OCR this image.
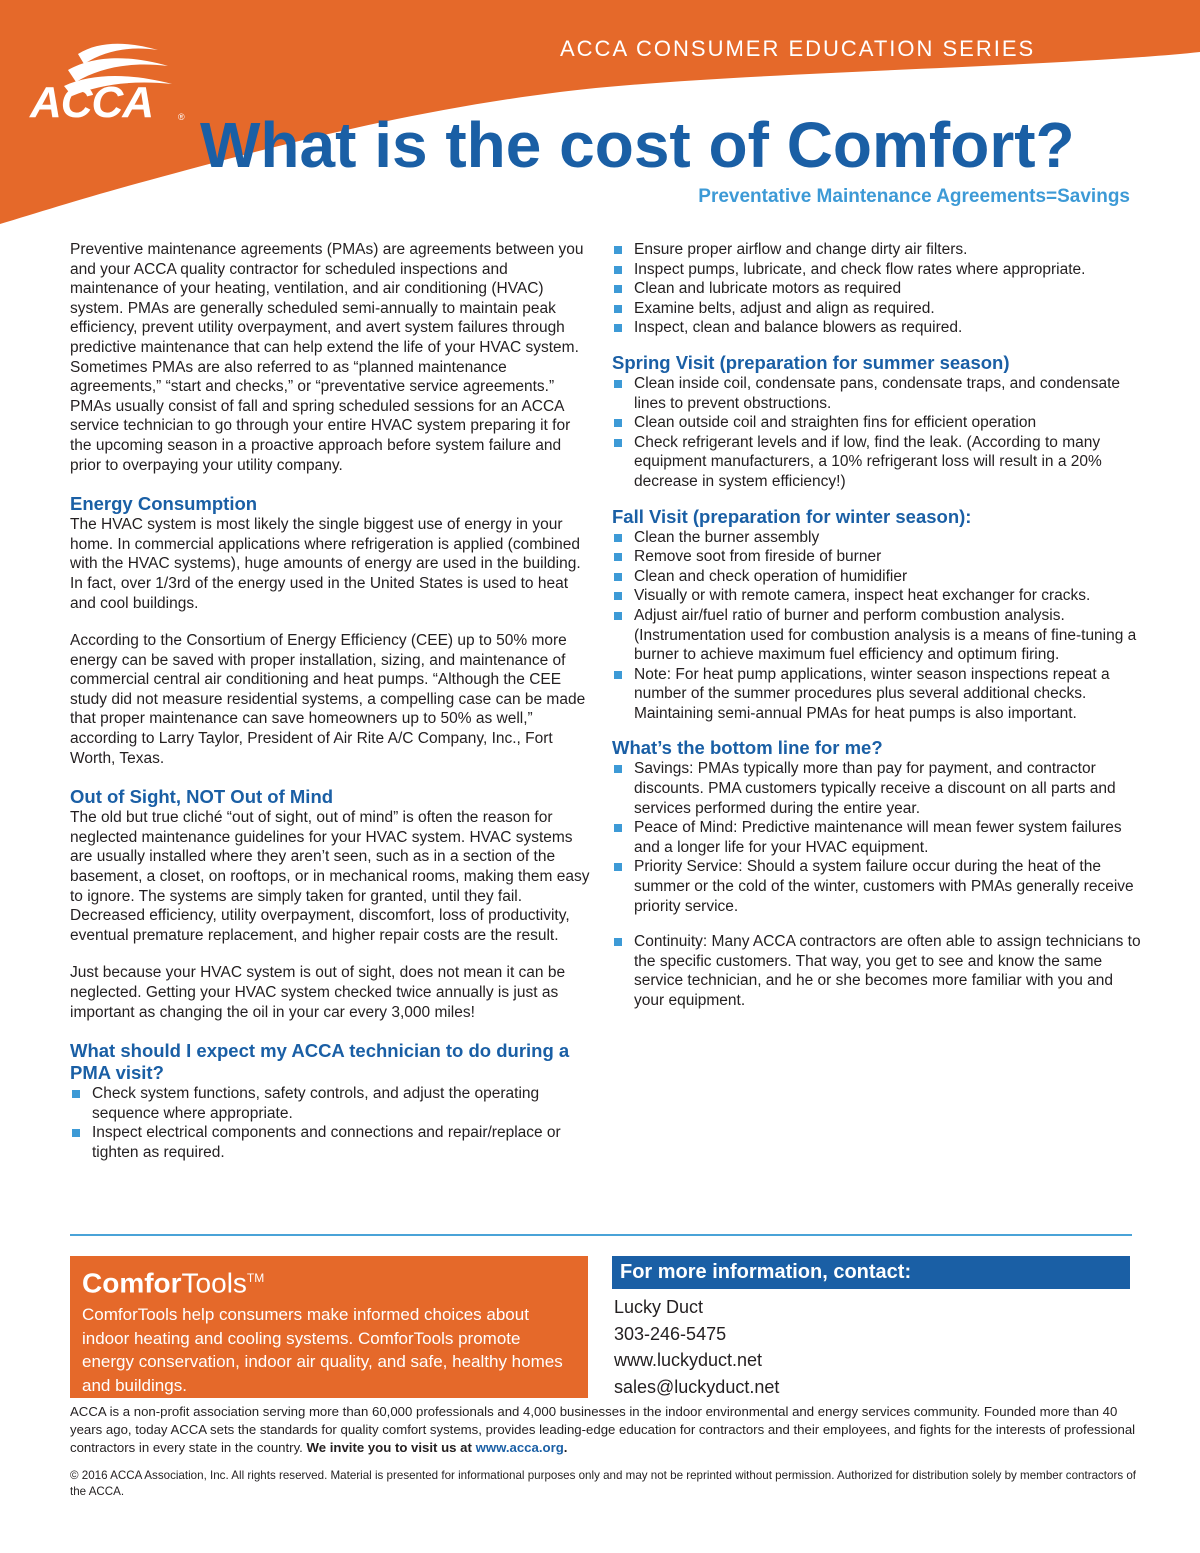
ACCA CONSUMER EDUCATION SERIES
ACCA	® What is the cost of Comfort?
Preventative Maintenance Agreements=Savings

Preventive maintenance agreements (PMAs) are agreements between you and your ACCA quality contractor for scheduled inspections and maintenance of your heating, ventilation, and air conditioning (HVAC) system. PMAs are generally scheduled semi-annually to maintain peak efficiency, prevent utility overpayment, and avert system failures through predictive maintenance that can help extend the life of your HVAC system. Sometimes PMAs are also referred to as “planned maintenance agreements,” “start and checks,” or “preventative service agreements.” PMAs usually consist of fall and spring scheduled sessions for an ACCA service technician to go through your entire HVAC system preparing it for the upcoming season in a proactive approach before system failure and prior to overpaying your utility company.

Energy Consumption

The HVAC system is most likely the single biggest use of energy in your home. In commercial applications where refrigeration is applied (combined with the HVAC systems), huge amounts of energy are used in the building. In fact, over 1/3rd of the energy used in the United States is used to heat and cool buildings.

According to the Consortium of Energy Efficiency (CEE) up to 50% more energy can be saved with proper installation, sizing, and maintenance of commercial central air conditioning and heat pumps. “Although the CEE study did not measure residential systems, a compelling case can be made that proper maintenance can save homeowners up to 50% as well,” according to Larry Taylor, President of Air Rite A/C Company, Inc., Fort Worth, Texas.

Out of Sight, NOT Out of Mind

The old but true cliché “out of sight, out of mind” is often the reason for neglected maintenance guidelines for your HVAC system. HVAC systems are usually installed where they aren’t seen, such as in a section of the basement, a closet, on rooftops, or in mechanical rooms, making them easy to ignore. The systems are simply taken for granted, until they fail. Decreased efficiency, utility overpayment, discomfort, loss of productivity, eventual premature replacement, and higher repair costs are the result.

Just because your HVAC system is out of sight, does not mean it can be neglected. Getting your HVAC system checked twice annually is just as important as changing the oil in your car every 3,000 miles!

What should I expect my ACCA technician to do during a PMA visit?
Check system functions, safety controls, and adjust the operating sequence where appropriate.
Inspect electrical components and connections and repair/replace or tighten as required.
Ensure proper airflow and change dirty air filters.
Inspect pumps, lubricate, and check flow rates where appropriate.
Clean and lubricate motors as required
Examine belts, adjust and align as required.
Inspect, clean and balance blowers as required.
Spring Visit (preparation for summer season)
Clean inside coil, condensate pans, condensate traps, and condensate lines to prevent obstructions.
Clean outside coil and straighten fins for efficient operation
Check refrigerant levels and if low, find the leak. (According to many equipment manufacturers, a 10% refrigerant loss will result in a 20% decrease in system efficiency!)
Fall Visit (preparation for winter season):
Clean the burner assembly
Remove soot from fireside of burner
Clean and check operation of humidifier
Visually or with remote camera, inspect heat exchanger for cracks.
Adjust air/fuel ratio of burner and perform combustion analysis. (Instrumentation used for combustion analysis is a means of fine-tuning a burner to achieve maximum fuel efficiency and optimum firing.
Note: For heat pump applications, winter season inspections repeat a number of the summer procedures plus several additional checks. Maintaining semi-annual PMAs for heat pumps is also important.
What’s the bottom line for me?
Savings: PMAs typically more than pay for payment, and contractor discounts. PMA customers typically receive a discount on all parts and services performed during the entire year.
Peace of Mind: Predictive maintenance will mean fewer system failures and a longer life for your HVAC equipment.
Priority Service: Should a system failure occur during the heat of the summer or the cold of the winter, customers with PMAs generally receive priority service.
Continuity: Many ACCA contractors are often able to assign technicians to the specific customers. That way, you get to see and know the same service technician, and he or she becomes more familiar with you and your equipment.
ComforTools™
ComforTools help consumers make informed choices about indoor heating and cooling systems. ComforTools promote energy conservation, indoor air quality, and safe, healthy homes and buildings.
For more information, contact:
Lucky Duct
303-246-5475
www.luckyduct.net
sales@luckyduct.net
ACCA is a non-profit association serving more than 60,000 professionals and 4,000 businesses in the indoor environmental and energy services community. Founded more than 40 years ago, today ACCA sets the standards for quality comfort systems, provides leading-edge education for contractors and their employees, and fights for the interests of professional contractors in every state in the country. We invite you to visit us at www.acca.org.
© 2016 ACCA Association, Inc. All rights reserved. Material is presented for informational purposes only and may not be reprinted without permission. Authorized for distribution solely by member contractors of the ACCA.
